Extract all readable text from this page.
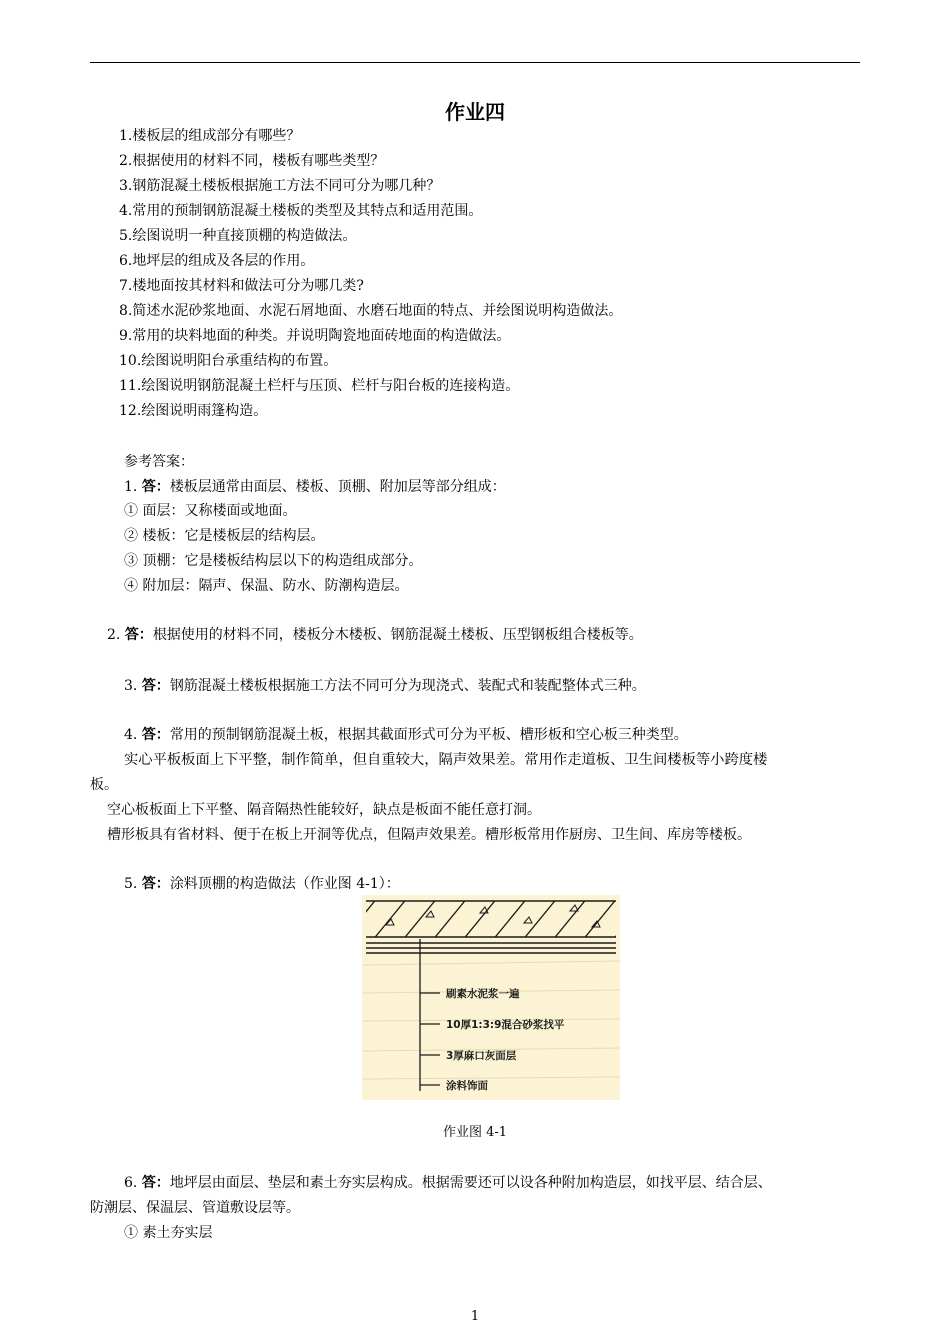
作业四
1.楼板层的组成部分有哪些？
2.根据使用的材料不同，楼板有哪些类型？
3.钢筋混凝土楼板根据施工方法不同可分为哪几种？
4.常用的预制钢筋混凝土楼板的类型及其特点和适用范围。
5.绘图说明一种直接顶棚的构造做法。
6.地坪层的组成及各层的作用。
7.楼地面按其材料和做法可分为哪几类?
8.简述水泥砂浆地面、水泥石屑地面、水磨石地面的特点、并绘图说明构造做法。
9.常用的块料地面的种类。并说明陶瓷地面砖地面的构造做法。
10.绘图说明阳台承重结构的布置。
11.绘图说明钢筋混凝土栏杆与压顶、栏杆与阳台板的连接构造。
12.绘图说明雨篷构造。
参考答案：
1. 答：楼板层通常由面层、楼板、顶棚、附加层等部分组成：
① 面层：又称楼面或地面。
② 楼板：它是楼板层的结构层。
③ 顶棚：它是楼板结构层以下的构造组成部分。
④ 附加层：隔声、保温、防水、防潮构造层。
2. 答：根据使用的材料不同，楼板分木楼板、钢筋混凝土楼板、压型钢板组合楼板等。
3. 答：钢筋混凝土楼板根据施工方法不同可分为现浇式、装配式和装配整体式三种。
4. 答：常用的预制钢筋混凝土板，根据其截面形式可分为平板、槽形板和空心板三种类型。
实心平板板面上下平整，制作简单，但自重较大，隔声效果差。常用作走道板、卫生间楼板等小跨度楼
板。
空心板板面上下平整、隔音隔热性能较好，缺点是板面不能任意打洞。
槽形板具有省材料、便于在板上开洞等优点，但隔声效果差。槽形板常用作厨房、卫生间、库房等楼板。
5. 答：涂料顶棚的构造做法（作业图 4-1）：
刷素水泥浆一遍
10厚1:3:9混合砂浆找平
3厚麻口灰面层
涂料饰面
作业图 4-1
6. 答：地坪层由面层、垫层和素土夯实层构成。根据需要还可以设各种附加构造层，如找平层、结合层、
防潮层、保温层、管道敷设层等。
① 素土夯实层
1
